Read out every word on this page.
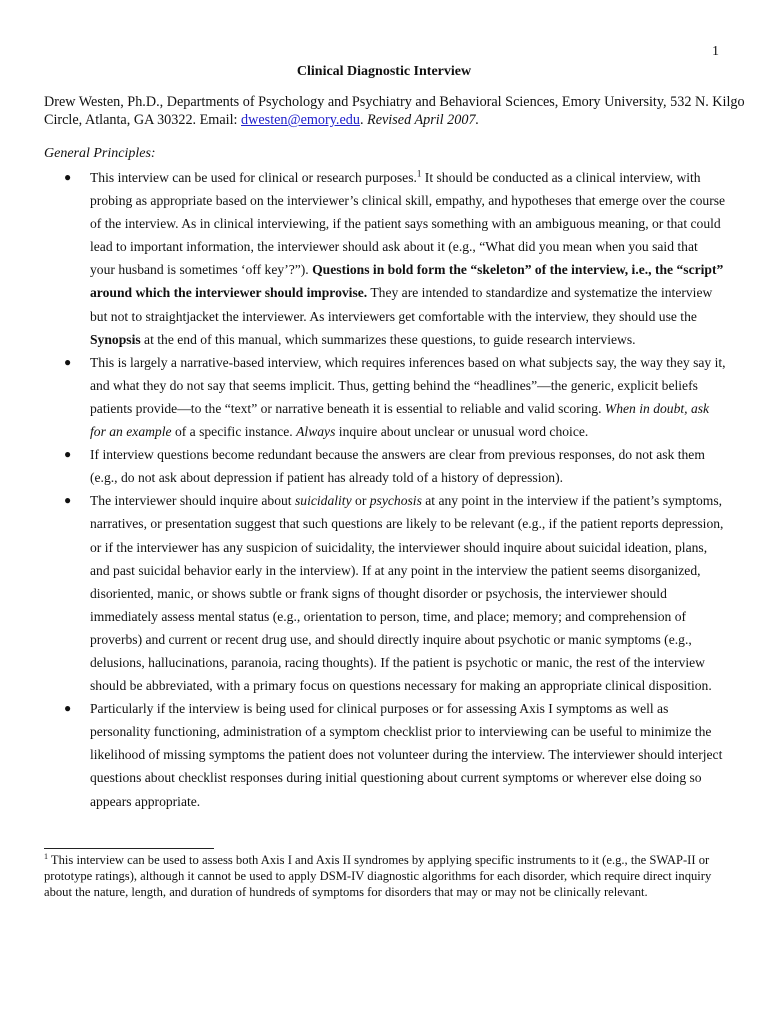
1
Clinical Diagnostic Interview

Drew Westen, Ph.D., Departments of Psychology and Psychiatry and Behavioral Sciences, Emory University, 532 N. Kilgo Circle, Atlanta, GA 30322. Email: dwesten@emory.edu. Revised April 2007.

General Principles:
● This interview can be used for clinical or research purposes.$^1$ It should be conducted as a clinical interview, with probing as appropriate based on the interviewer’s clinical skill, empathy, and hypotheses that emerge over the course of the interview. As in clinical interviewing, if the patient says something with an ambiguous meaning, or that could lead to important information, the interviewer should ask about it (e.g., “What did you mean when you said that your husband is sometimes ‘off key’?”). Questions in bold form the “skeleton” of the interview, i.e., the “script” around which the interviewer should improvise. They are intended to standardize and systematize the interview but not to straightjacket the interviewer. As interviewers get comfortable with the interview, they should use the Synopsis at the end of this manual, which summarizes these questions, to guide research interviews.
● This is largely a narrative-based interview, which requires inferences based on what subjects say, the way they say it, and what they do not say that seems implicit. Thus, getting behind the “headlines”—the generic, explicit beliefs patients provide—to the “text” or narrative beneath it is essential to reliable and valid scoring. When in doubt, ask for an example of a specific instance. Always inquire about unclear or unusual word choice.
● If interview questions become redundant because the answers are clear from previous responses, do not ask them (e.g., do not ask about depression if patient has already told of a history of depression).
● The interviewer should inquire about suicidality or psychosis at any point in the interview if the patient’s symptoms, narratives, or presentation suggest that such questions are likely to be relevant (e.g., if the patient reports depression, or if the interviewer has any suspicion of suicidality, the interviewer should inquire about suicidal ideation, plans, and past suicidal behavior early in the interview). If at any point in the interview the patient seems disorganized, disoriented, manic, or shows subtle or frank signs of thought disorder or psychosis, the interviewer should immediately assess mental status (e.g., orientation to person, time, and place; memory; and comprehension of proverbs) and current or recent drug use, and should directly inquire about psychotic or manic symptoms (e.g., delusions, hallucinations, paranoia, racing thoughts). If the patient is psychotic or manic, the rest of the interview should be abbreviated, with a primary focus on questions necessary for making an appropriate clinical disposition.
● Particularly if the interview is being used for clinical purposes or for assessing Axis I symptoms as well as personality functioning, administration of a symptom checklist prior to interviewing can be useful to minimize the likelihood of missing symptoms the patient does not volunteer during the interview. The interviewer should interject questions about checklist responses during initial questioning about current symptoms or wherever else doing so appears appropriate.

$^1$ This interview can be used to assess both Axis I and Axis II syndromes by applying specific instruments to it (e.g., the SWAP-II or prototype ratings), although it cannot be used to apply DSM-IV diagnostic algorithms for each disorder, which require direct inquiry about the nature, length, and duration of hundreds of symptoms for disorders that may or may not be clinically relevant.
